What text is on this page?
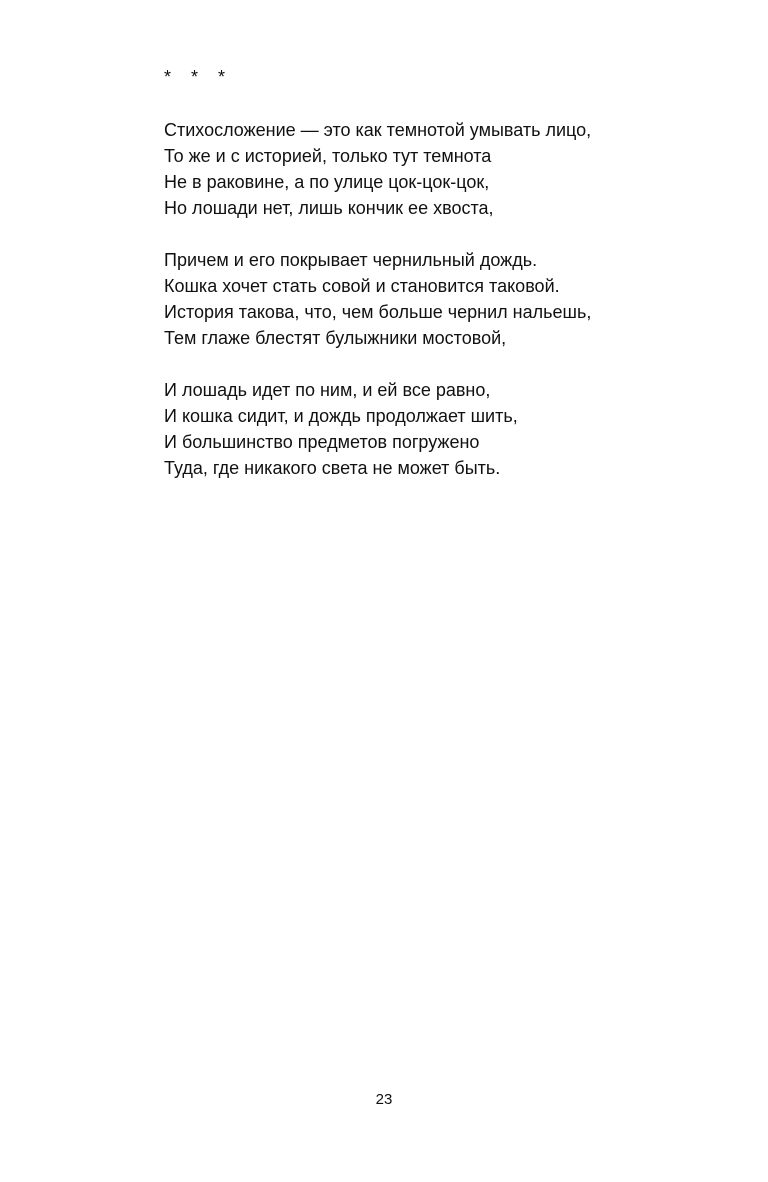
*    *    *
Стихосложение — это как темнотой умывать лицо,
То же и с историей, только тут темнота
Не в раковине, а по улице цок-цок-цок,
Но лошади нет, лишь кончик ее хвоста,
Причем и его покрывает чернильный дождь.
Кошка хочет стать совой и становится таковой.
История такова, что, чем больше чернил нальешь,
Тем глаже блестят булыжники мостовой,
И лошадь идет по ним, и ей все равно,
И кошка сидит, и дождь продолжает шить,
И большинство предметов погружено
Туда, где никакого света не может быть.
23
